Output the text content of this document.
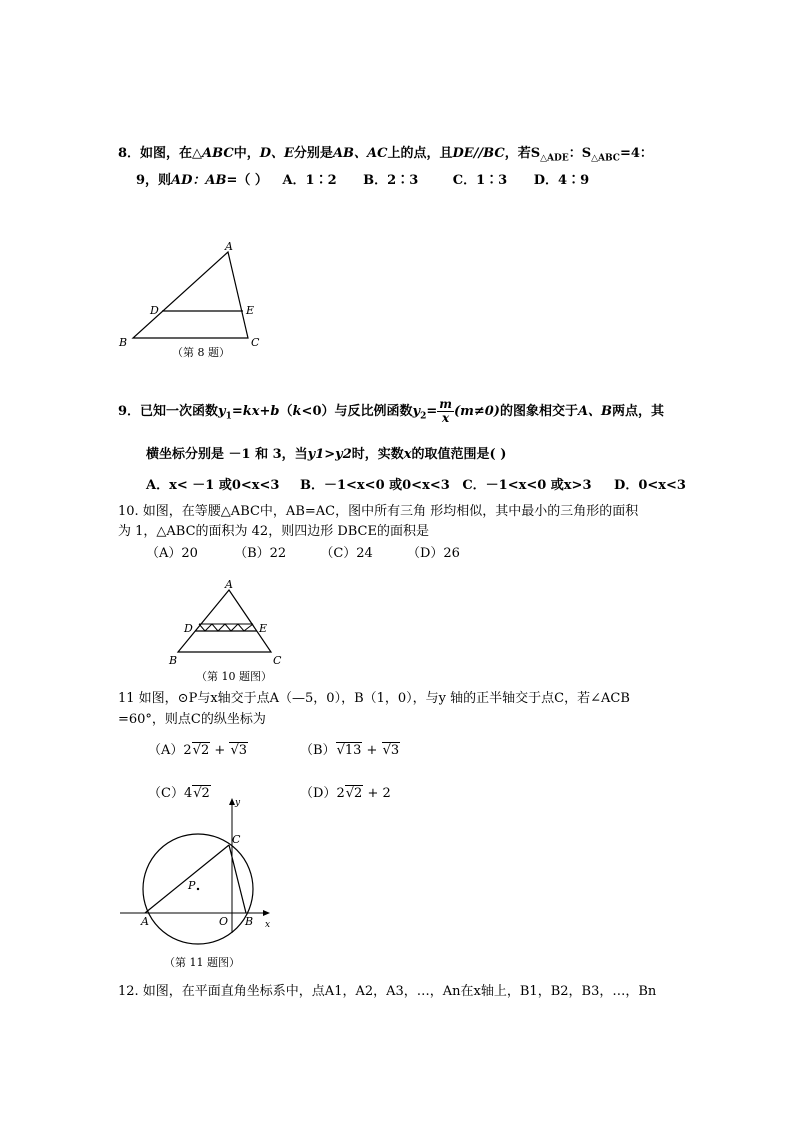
8．如图，在△ABC中，D、E分别是AB、AC上的点，且DE//BC，若$S_{\triangle ADE}$：$S_{\triangle ABC}=4$：
9，则AD：AB=（ ） A．1∶2 B．2∶3	C．1∶3 D．4∶9
A
B	C
D	E
（第 8 题）
9．已知一次函数$y_1=kx+b(k<0)$与反比例函数$y_2= \frac{m}{x} (m\ne 0)$的图象相交于A、B两点，其
横坐标分别是 －1 和 3，当y1>y2时，实数x的取值范围是( )
A．x< －1 或0<x<3 B．－1<x<0 或0<x<3 C．－1<x<0 或x>3 D．0<x<3
10. 如图，在等腰△ABC中，AB=AC，图中所有三角 形均相似，其中最小的三角形的面积
为 1，△ABC的面积为 42，则四边形 DBCE的面积是
（A）20	（B）22	（C）24	（D）26
A
B	C
D	E
（第 10 题图）
11 如图，⊙P与x轴交于点A（—5，0），B（1，0），与y 轴的正半轴交于点C，若∠ACB
=60°，则点C的纵坐标为
（A）2√2 + √3	（B）√13 + √3
（C）4√2	（D）2√2 + 2
P
A	O B
C
x
y
（第 11 题图）
12. 如图，在平面直角坐标系中，点A1，A2，A3，…，An在x轴上，B1，B2，B3，…，Bn
